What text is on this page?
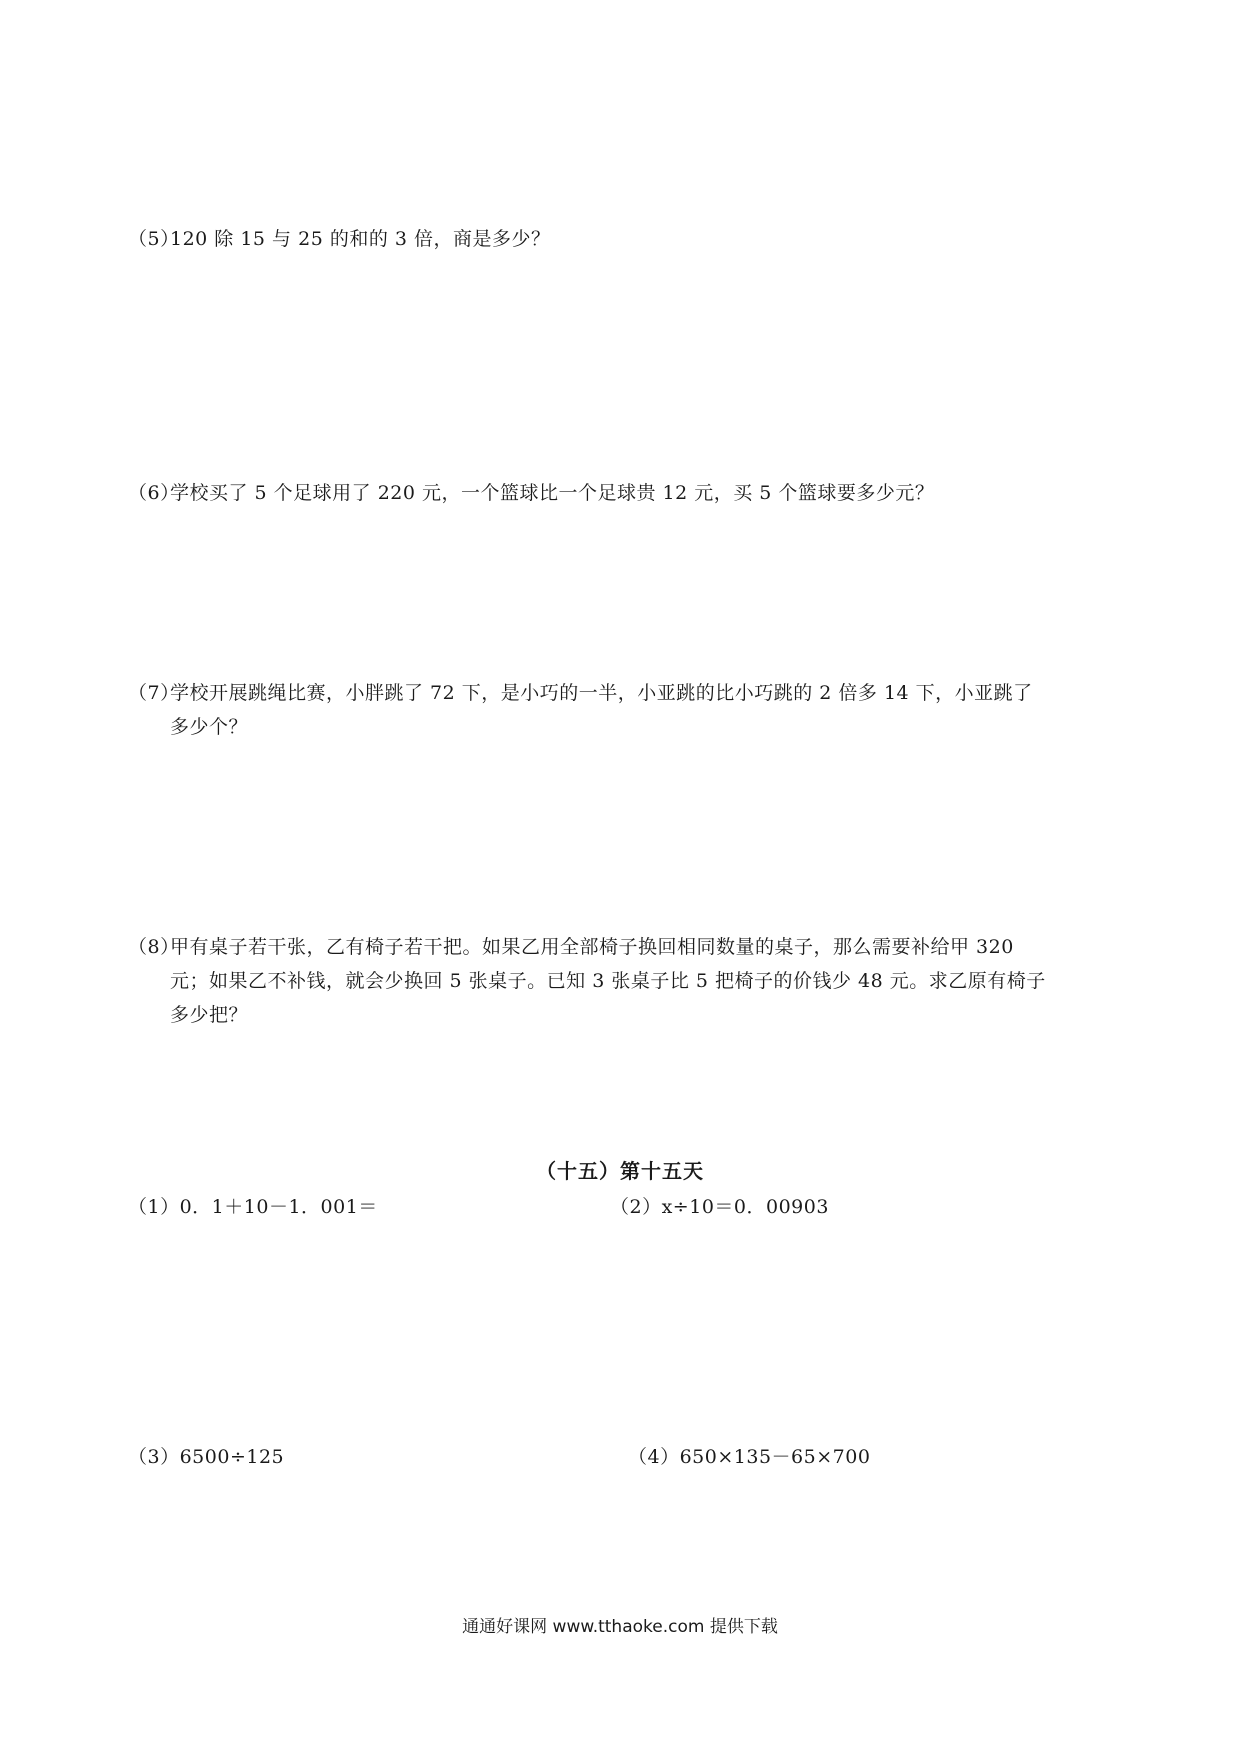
（5）120 除 15 与 25 的和的 3 倍，商是多少？
（6）学校买了 5 个足球用了 220 元，一个篮球比一个足球贵 12 元，买 5 个篮球要多少元？
（7）学校开展跳绳比赛，小胖跳了 72 下，是小巧的一半，小亚跳的比小巧跳的 2 倍多 14 下，小亚跳了
多少个？
（8）甲有桌子若干张，乙有椅子若干把。如果乙用全部椅子换回相同数量的桌子，那么需要补给甲 320
元；如果乙不补钱，就会少换回 5 张桌子。已知 3 张桌子比 5 把椅子的价钱少 48 元。求乙原有椅子
多少把？
（十五）第十五天
（1）0．1＋10－1．001＝	（2）x÷10＝0．00903
（3）6500÷125	（4）650×135－65×700
通通好课网 www.tthaoke.com 提供下载
